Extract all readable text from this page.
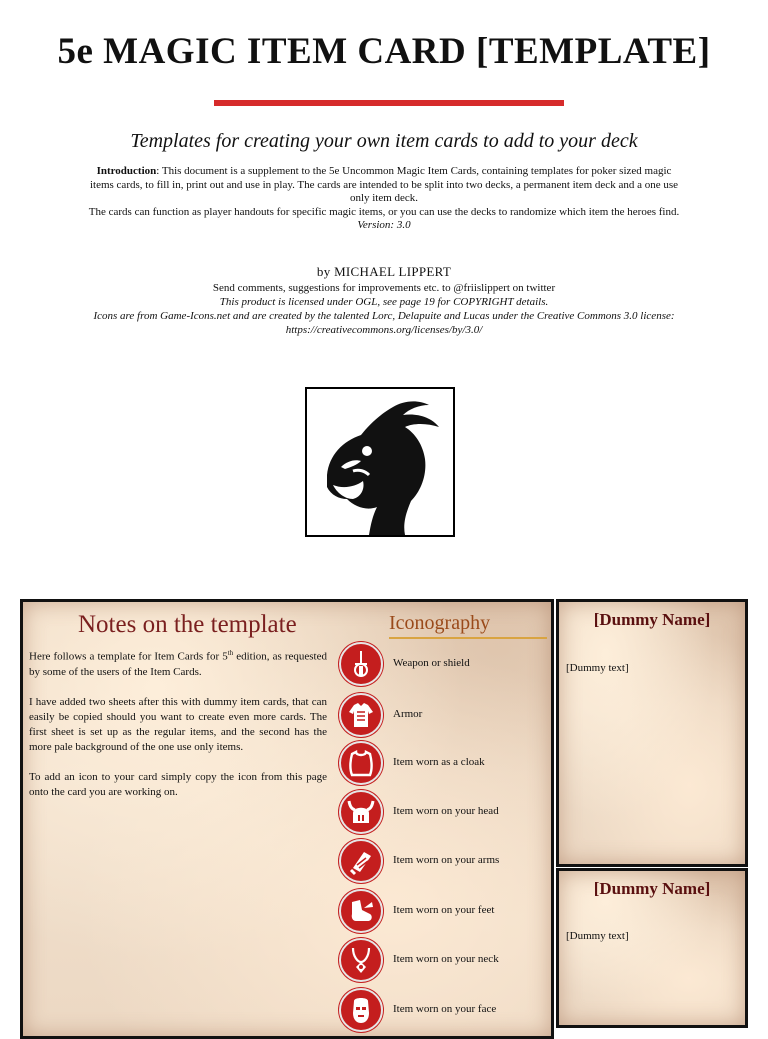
5e MAGIC ITEM CARD [TEMPLATE]
Templates for creating your own item cards to add to your deck
Introduction: This document is a supplement to the 5e Uncommon Magic Item Cards, containing templates for poker sized magic items cards, to fill in, print out and use in play. The cards are intended to be split into two decks, a permanent item deck and a one use only item deck.
The cards can function as player handouts for specific magic items, or you can use the decks to randomize which item the heroes find.
Version: 3.0
by MICHAEL LIPPERT
Send comments, suggestions for improvements etc. to @friislippert on twitter
This product is licensed under OGL, see page 19 for COPYRIGHT details.
Icons are from Game-Icons.net and are created by the talented Lorc, Delapuite and Lucas under the Creative Commons 3.0 license: https://creativecommons.org/licenses/by/3.0/
Notes on the template

Here follows a template for Item Cards for 5th edition, as requested by some of the users of the Item Cards.

I have added two sheets after this with dummy item cards, that can easily be copied should you want to create even more cards. The first sheet is set up as the regular items, and the second has the more pale background of the one use only items.

To add an icon to your card simply copy the icon from this page onto the card you are working on.

Iconography
Weapon or shield
Armor
Item worn as a cloak
Item worn on your head
Item worn on your arms
Item worn on your feet
Item worn on your neck
Item worn on your face
[Dummy Name]
[Dummy text]
[Dummy Name]
[Dummy text]
